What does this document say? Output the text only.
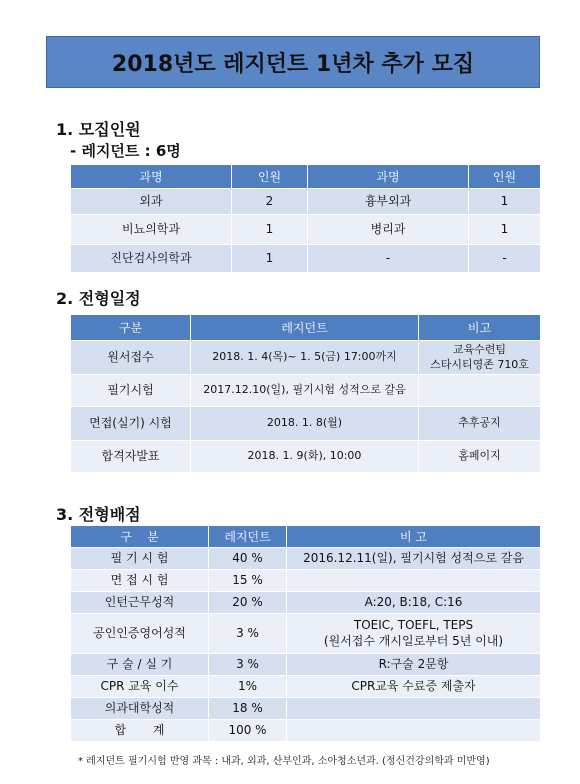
2018년도 레지던트 1년차 추가 모집
1. 모집인원
- 레지던트 : 6명
과명	인원	과명	인원
외과	2	흉부외과	1
비뇨의학과	1	병리과	1
진단검사의학과	1	-	-
2. 전형일정
구분	레지던트	비고
원서접수	2018. 1. 4(목)~ 1. 5(금) 17:00까지	교육수련팀
스타시티영존 710호
필기시험	2017.12.10(일), 필기시험 성적으로 갈음	
면접(실기) 시험	2018. 1. 8(월)	추후공지
합격자발표	2018. 1. 9(화), 10:00	홈페이지
3. 전형배점
구    분	레지던트	비 고
필 기 시 험	40 %	2016.12.11(일), 필기시험 성적으로 갈음
면 접 시 험	15 %	
인턴근무성적	20 %	A:20, B:18, C:16
공인인증영어성적	3 %	TOEIC, TOEFL, TEPS
(원서접수 개시일로부터 5년 이내)
구 술 / 실 기	3 %	R:구술 2문항
CPR 교육 이수	1%	CPR교육 수료증 제출자
의과대학성적	18 %	
합       계	100 %	
* 레지던트 필기시험 반영 과목 : 내과, 외과, 산부인과, 소아청소년과. (정신건강의학과 미반영)
